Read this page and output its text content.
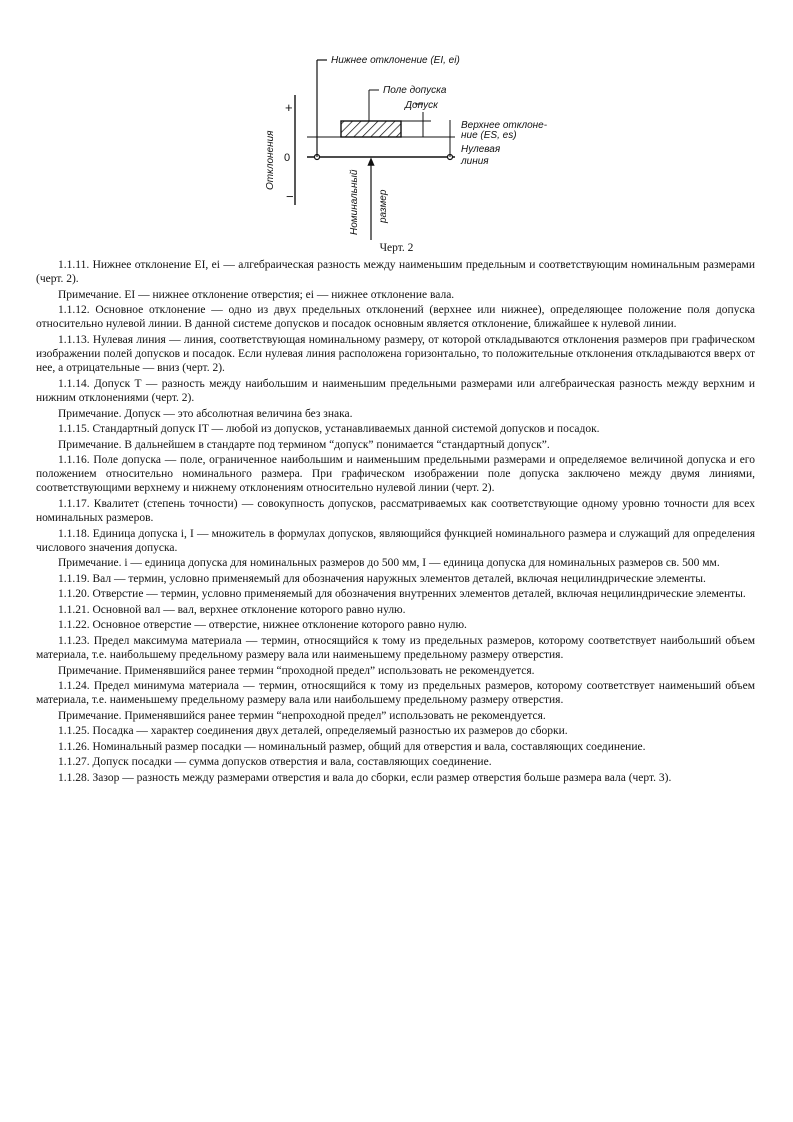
Нижнее отклонение (EI, ei)
Поле допуска
Допуск
Верхнее отклоне-
ние (ES, es)
Нулевая
линия
+
0
−
Отклонения
Номинальный размер
Черт. 2

1.1.11. Нижнее отклонение EI, ei — алгебраическая разность между наименьшим предельным и соответствующим номинальным размерами (черт. 2).

Примечание. EI — нижнее отклонение отверстия; ei — нижнее отклонение вала.

1.1.12. Основное отклонение — одно из двух предельных отклонений (верхнее или нижнее), определяющее положение поля допуска относительно нулевой линии. В данной системе допусков и посадок основным является отклонение, ближайшее к нулевой линии.

1.1.13. Нулевая линия — линия, соответствующая номинальному размеру, от которой откладываются отклонения размеров при графическом изображении полей допусков и посадок. Если нулевая линия расположена горизонтально, то положительные отклонения откладываются вверх от нее, а отрицательные — вниз (черт. 2).

1.1.14. Допуск Т — разность между наибольшим и наименьшим предельными размерами или алгебраическая разность между верхним и нижним отклонениями (черт. 2).

Примечание. Допуск — это абсолютная величина без знака.

1.1.15. Стандартный допуск IT — любой из допусков, устанавливаемых данной системой допусков и посадок.

Примечание. В дальнейшем в стандарте под термином “допуск” понимается “стандартный допуск”.

1.1.16. Поле допуска — поле, ограниченное наибольшим и наименьшим предельными размерами и определяемое величиной допуска и его положением относительно номинального размера. При графическом изображении поле допуска заключено между двумя линиями, соответствующими верхнему и нижнему отклонениям относительно нулевой линии (черт. 2).

1.1.17. Квалитет (степень точности) — совокупность допусков, рассматриваемых как соответствующие одному уровню точности для всех номинальных размеров.

1.1.18. Единица допуска i, I — множитель в формулах допусков, являющийся функцией номинального размера и служащий для определения числового значения допуска.

Примечание. i — единица допуска для номинальных размеров до 500 мм, I — единица допуска для номинальных размеров св. 500 мм.

1.1.19. Вал — термин, условно применяемый для обозначения наружных элементов деталей, включая нецилиндрические элементы.

1.1.20. Отверстие — термин, условно применяемый для обозначения внутренних элементов деталей, включая нецилиндрические элементы.

1.1.21. Основной вал — вал, верхнее отклонение которого равно нулю.

1.1.22. Основное отверстие — отверстие, нижнее отклонение которого равно нулю.

1.1.23. Предел максимума материала — термин, относящийся к тому из предельных размеров, которому соответствует наибольший объем материала, т.е. наибольшему предельному размеру вала или наименьшему предельному размеру отверстия.

Примечание. Применявшийся ранее термин “проходной предел” использовать не рекомендуется.

1.1.24. Предел минимума материала — термин, относящийся к тому из предельных размеров, которому соответствует наименьший объем материала, т.е. наименьшему предельному размеру вала или наибольшему предельному размеру отверстия.

Примечание. Применявшийся ранее термин “непроходной предел” использовать не рекомендуется.

1.1.25. Посадка — характер соединения двух деталей, определяемый разностью их размеров до сборки.

1.1.26. Номинальный размер посадки — номинальный размер, общий для отверстия и вала, составляющих соединение.

1.1.27. Допуск посадки — сумма допусков отверстия и вала, составляющих соединение.

1.1.28. Зазор — разность между размерами отверстия и вала до сборки, если размер отверстия больше размера вала (черт. 3).
